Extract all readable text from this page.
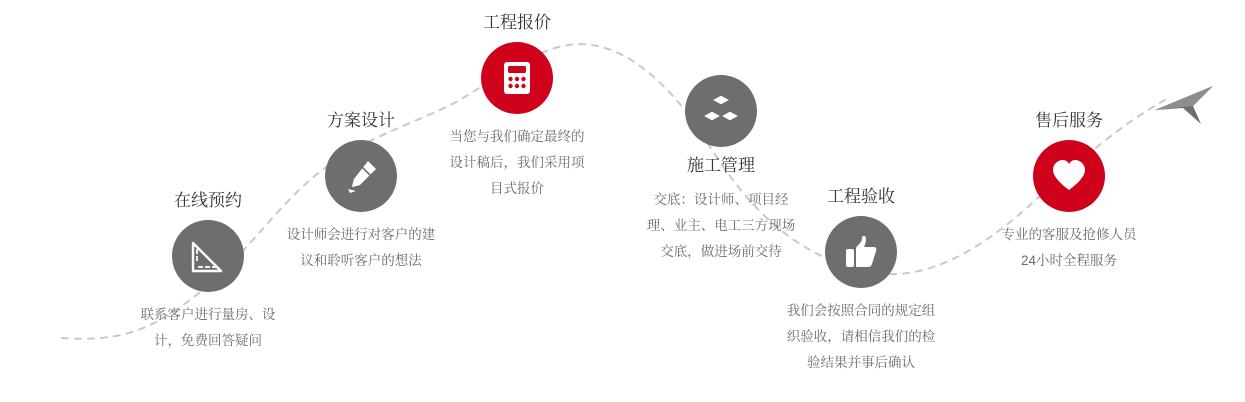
在线预约
联系客户进行量房、设计，免费回答疑问
方案设计
设计师会进行对客户的建议和聆听客户的想法
工程报价
当您与我们确定最终的设计稿后，我们采用项目式报价
施工管理
交底：设计师、项目经理、业主、电工三方现场交底，做进场前交待
工程验收
我们会按照合同的规定组织验收，请相信我们的检验结果并事后确认
售后服务
专业的客服及抢修人员24小时全程服务
